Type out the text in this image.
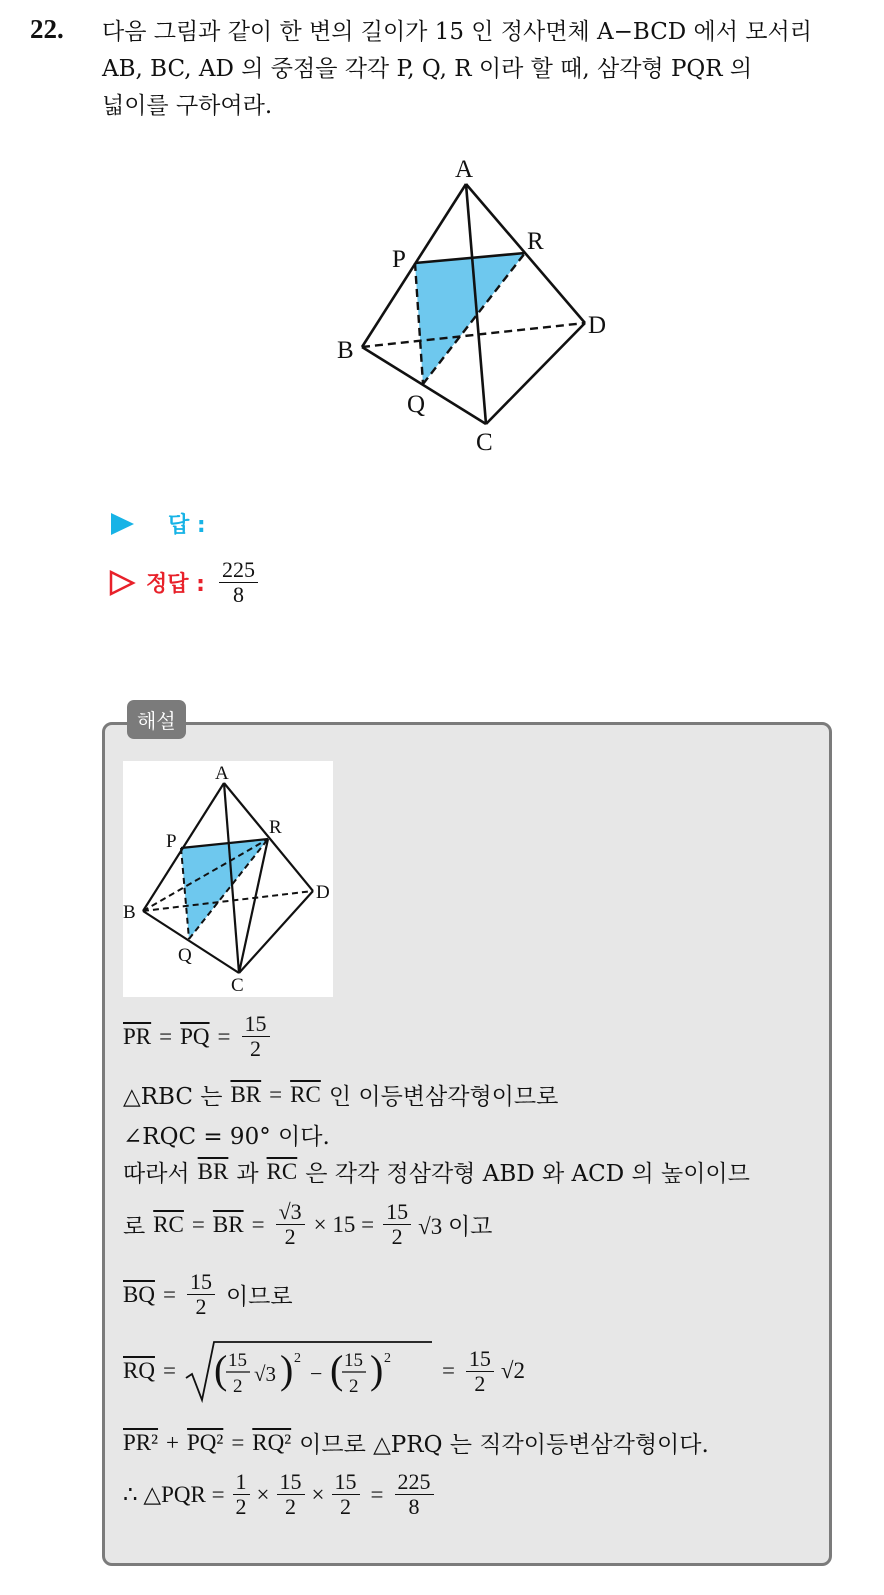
22. 다음 그림과 같이 한 변의 길이가 15 인 정사면체 A−BCD 에서 모서리
AB, BC, AD 의 중점을 각각 P, Q, R 이라 할 때, 삼각형 PQR 의
넓이를 구하여라.
A
B
C
D
P
Q
R
답 :
정답 : $\frac{225}{8}$
해설
A
B
C
D
P
Q
R
$\overline{PR} = \overline{PQ} = \frac{15}{2}$
△RBC 는 $\overline{BR} = \overline{RC}$ 인 이등변삼각형이므로
∠RQC = 90° 이다.
따라서 $\overline{BR}$ 과 $\overline{RC}$ 은 각각 정삼각형 ABD 와 ACD 의 높이이므
로 $\overline{RC} = \overline{BR} = \frac{√3}{2} \times 15 = \frac{15}{2} √3$ 이고
$\overline{BQ} = \frac{15}{2}$ 이므로
$\overline{RQ}$ = ( 15
2
√3 ) 2
− ( 15
2 ) $2 = \frac{15}{2} √2$
PR² + PQ² = RQ² 이므로 △PRQ 는 직각이등변삼각형이다.
∴ △PQR = $\frac{1}{2} \times \frac{15}{2} \times \frac{15}{2} = \frac{225}{8}$
